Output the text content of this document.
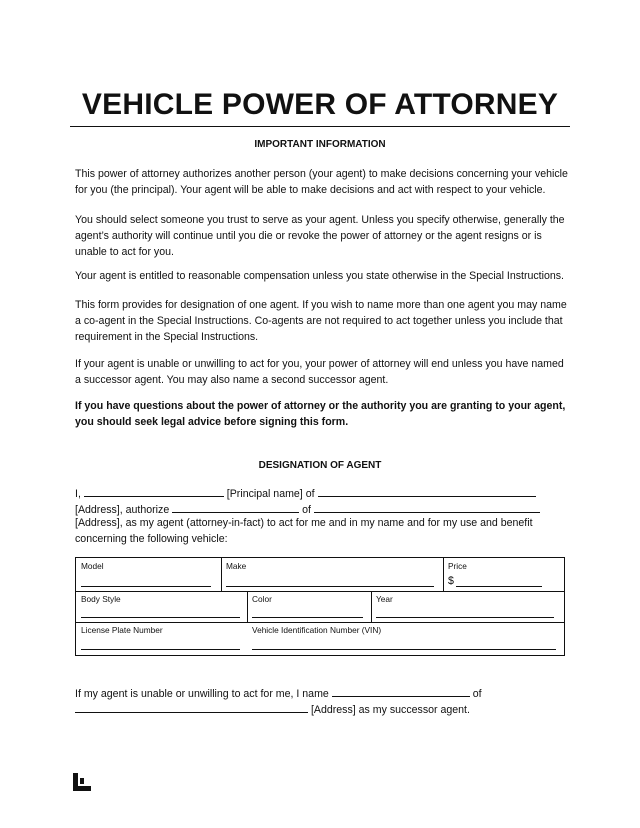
VEHICLE POWER OF ATTORNEY
IMPORTANT INFORMATION

This power of attorney authorizes another person (your agent) to make decisions concerning your vehicle for you (the principal). Your agent will be able to make decisions and act with respect to your vehicle.

You should select someone you trust to serve as your agent. Unless you specify otherwise, generally the agent’s authority will continue until you die or revoke the power of attorney or the agent resigns or is unable to act for you.

Your agent is entitled to reasonable compensation unless you state otherwise in the Special Instructions.

This form provides for designation of one agent. If you wish to name more than one agent you may name a co-agent in the Special Instructions. Co-agents are not required to act together unless you include that requirement in the Special Instructions.

If your agent is unable or unwilling to act for you, your power of attorney will end unless you have named a successor agent. You may also name a second successor agent.

If you have questions about the power of attorney or the authority you are granting to your agent, you should seek legal advice before signing this form.

DESIGNATION OF AGENT
I,	[Principal name] of
[Address], authorize	of

[Address], as my agent (attorney-in-fact) to act for me and in my name and for my use and benefit concerning the following vehicle:

Model	Make	Price
$
Body Style	Color	Year
License Plate Number	Vehicle Identification Number (VIN)
If my agent is unable or unwilling to act for me, I name	of
[Address] as my successor agent.
